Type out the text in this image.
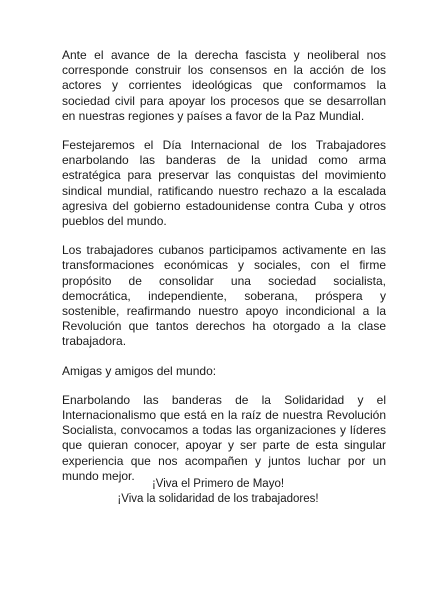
Ante el avance de la derecha fascista y neoliberal nos corresponde construir los consensos en la acción de los actores y corrientes ideológicas que conformamos la sociedad civil para apoyar los procesos que se desarrollan en nuestras regiones y países a favor de la Paz Mundial.

Festejaremos el Día Internacional de los Trabajadores enarbolando las banderas de la unidad como arma estratégica para preservar las conquistas del movimiento sindical mundial, ratificando nuestro rechazo a la escalada agresiva del gobierno estadounidense contra Cuba y otros pueblos del mundo.

Los trabajadores cubanos participamos activamente en las transformaciones económicas y sociales, con el firme propósito de consolidar una sociedad socialista, democrática, independiente, soberana, próspera y sostenible, reafirmando nuestro apoyo incondicional a la Revolución que tantos derechos ha otorgado a la clase trabajadora.

Amigas y amigos del mundo:

Enarbolando las banderas de la Solidaridad y el Internacionalismo que está en la raíz de nuestra Revolución Socialista, convocamos a todas las organizaciones y líderes que quieran conocer, apoyar y ser parte de esta singular experiencia que nos acompañen y juntos luchar por un mundo mejor.

¡Viva el Primero de Mayo!
¡Viva la solidaridad de los trabajadores!
